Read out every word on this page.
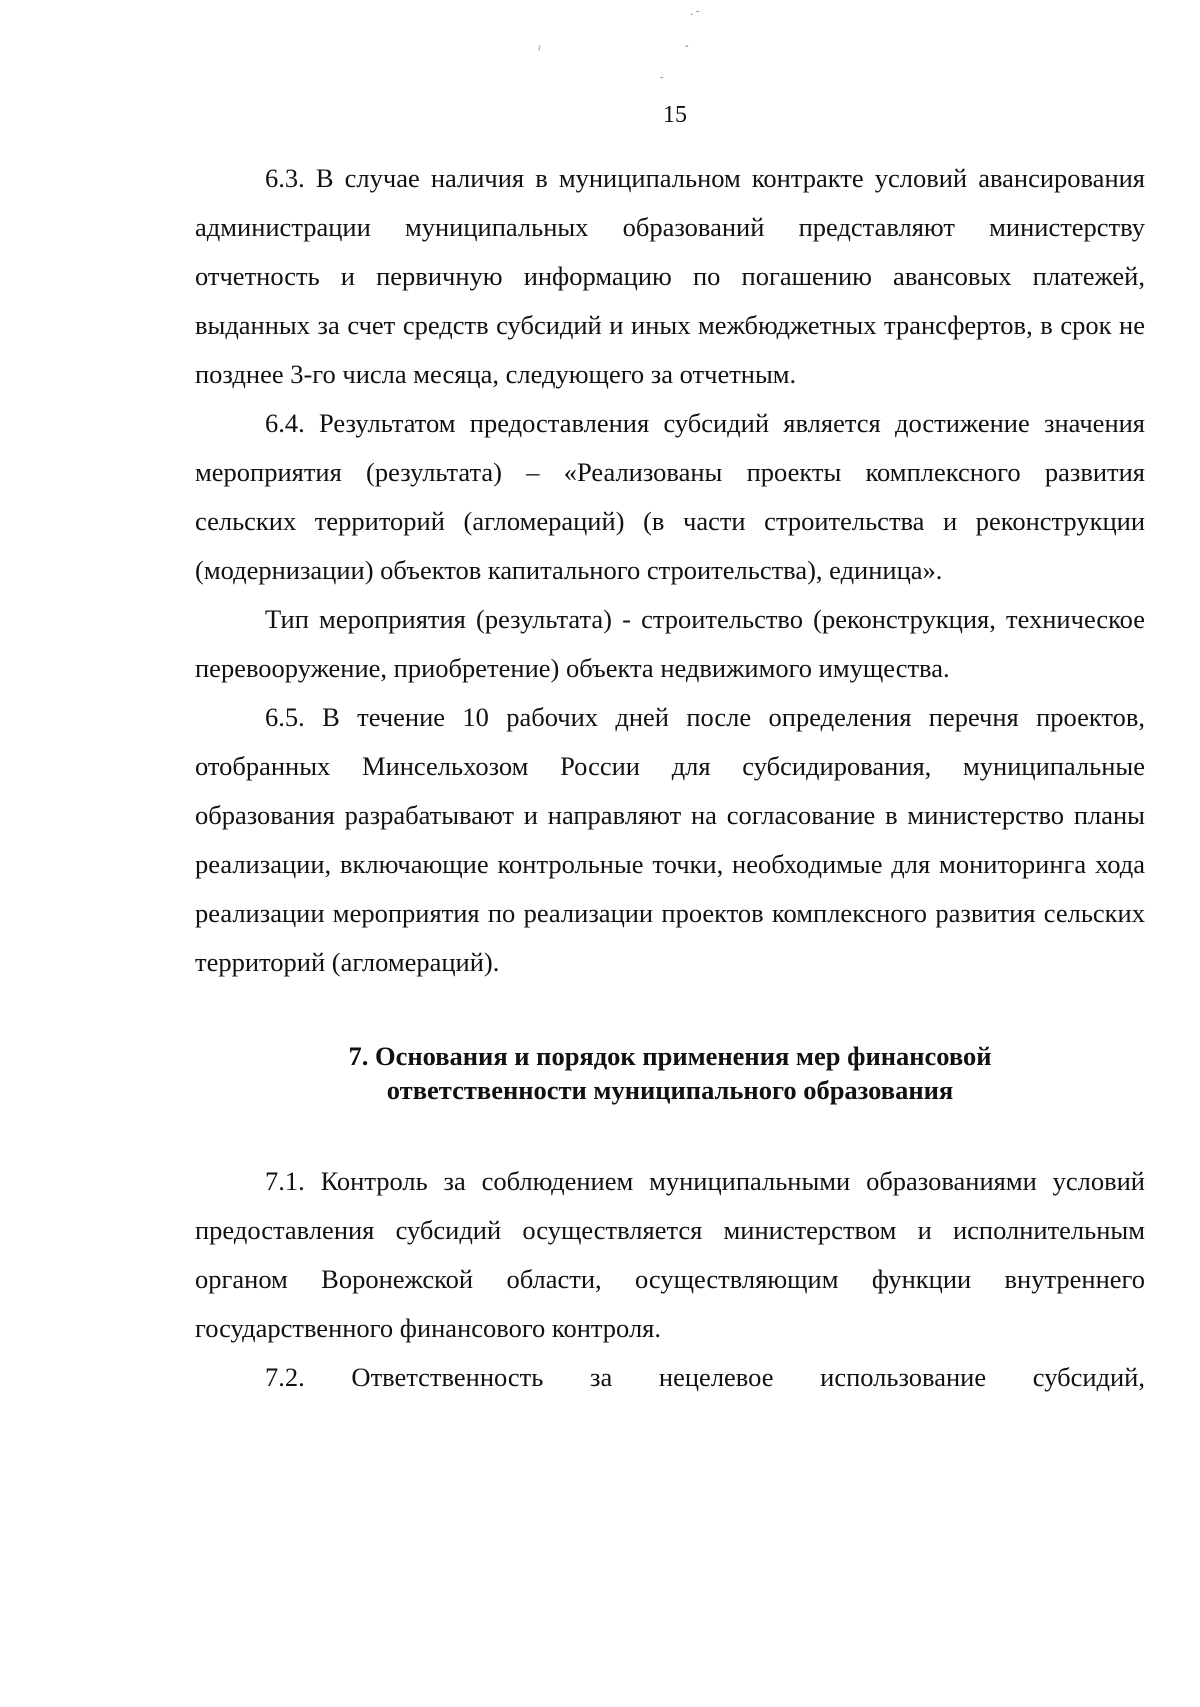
· ˜
ˀ	ˆ
˜
15

6.3. В случае наличия в муниципальном контракте условий авансирования администрации муниципальных образований представляют министерству отчетность и первичную информацию по погашению авансовых платежей, выданных за счет средств субсидий и иных межбюджетных трансфертов, в срок не позднее 3-го числа месяца, следующего за отчетным.

6.4. Результатом предоставления субсидий является достижение значения мероприятия (результата) – «Реализованы проекты комплексного развития сельских территорий (агломераций) (в части строительства и реконструкции (модернизации) объектов капитального строительства), единица».

Тип мероприятия (результата) - строительство (реконструкция, техническое перевооружение, приобретение) объекта недвижимого имущества.

6.5. В течение 10 рабочих дней после определения перечня проектов, отобранных Минсельхозом России для субсидирования, муниципальные образования разрабатывают и направляют на согласование в министерство планы реализации, включающие контрольные точки, необходимые для мониторинга хода реализации мероприятия по реализации проектов комплексного развития сельских территорий (агломераций).

7. Основания и порядок применения мер финансовой
ответственности муниципального образования

7.1. Контроль за соблюдением муниципальными образованиями условий предоставления субсидий осуществляется министерством и исполнительным органом Воронежской области, осуществляющим функции внутреннего государственного финансового контроля.

7.2. Ответственность за нецелевое использование субсидий,
